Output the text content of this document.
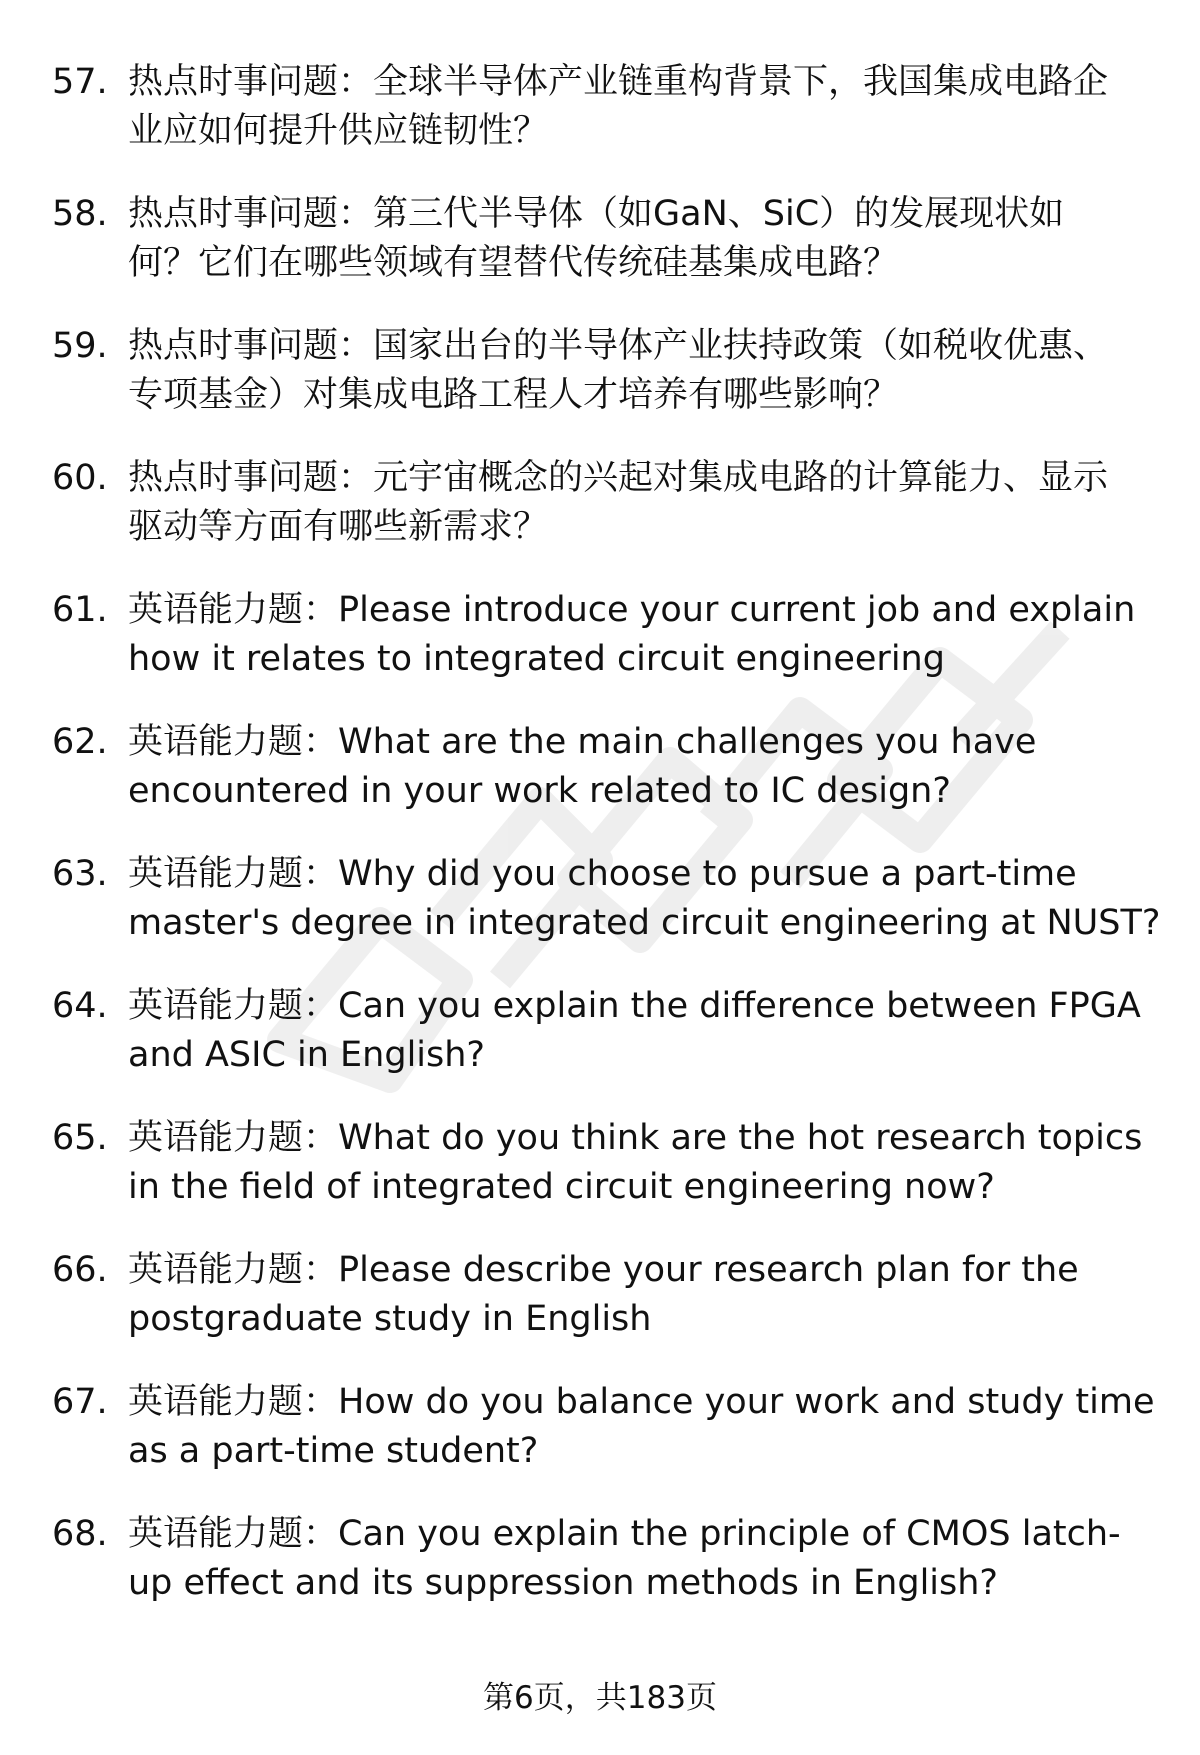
57. 热点时事问题：全球半导体产业链重构背景下，我国集成电路企
业应如何提升供应链韧性？
58. 热点时事问题：第三代半导体（如GaN、SiC）的发展现状如
何？它们在哪些领域有望替代传统硅基集成电路？
59. 热点时事问题：国家出台的半导体产业扶持政策（如税收优惠、
专项基金）对集成电路工程人才培养有哪些影响？
60. 热点时事问题：元宇宙概念的兴起对集成电路的计算能力、显示
驱动等方面有哪些新需求？
61. 英语能力题：Please introduce your current job and explain
how it relates to integrated circuit engineering
62. 英语能力题：What are the main challenges you have
encountered in your work related to IC design?
63. 英语能力题：Why did you choose to pursue a part-time
master's degree in integrated circuit engineering at NUST?
64. 英语能力题：Can you explain the difference between FPGA
and ASIC in English?
65. 英语能力题：What do you think are the hot research topics
in the field of integrated circuit engineering now?
66. 英语能力题：Please describe your research plan for the
postgraduate study in English
67. 英语能力题：How do you balance your work and study time
as a part-time student?
68. 英语能力题：Can you explain the principle of CMOS latch-
up effect and its suppression methods in English?
第6页，共183页
